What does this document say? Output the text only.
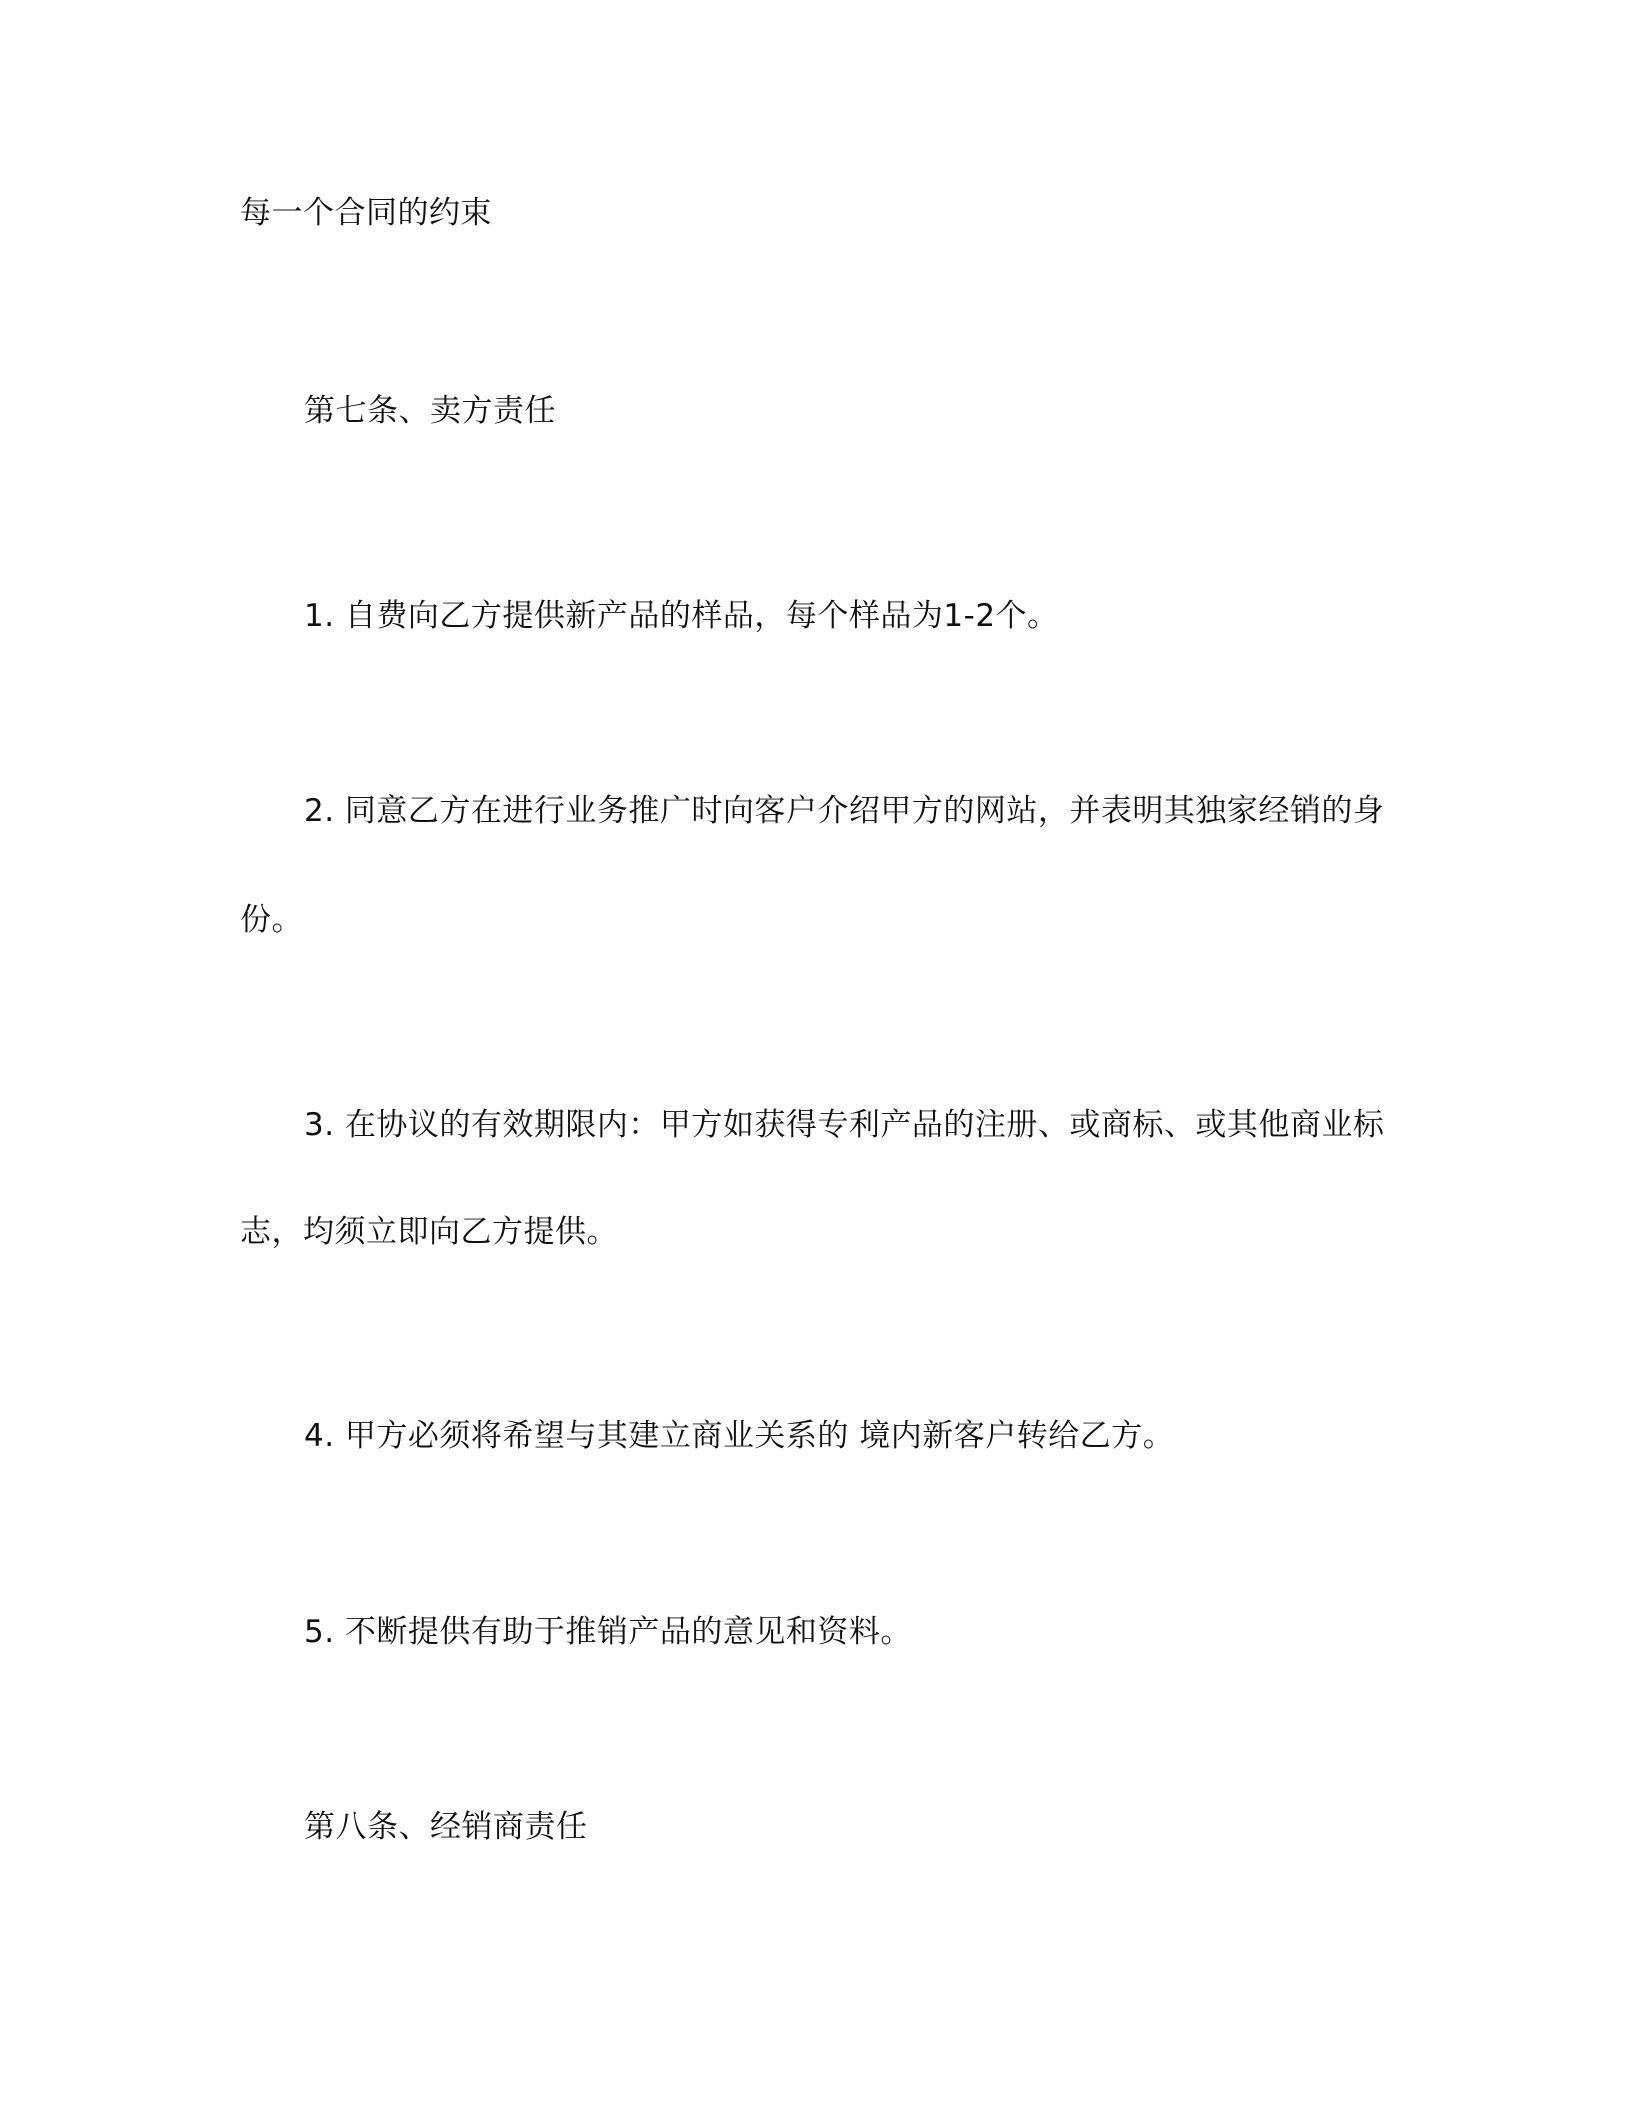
每一个合同的约束
第七条、卖方责任
1. 自费向乙方提供新产品的样品，每个样品为1-2个。
2. 同意乙方在进行业务推广时向客户介绍甲方的网站，并表明其独家经销的身
份。
3. 在协议的有效期限内：甲方如获得专利产品的注册、或商标、或其他商业标
志，均须立即向乙方提供。
4. 甲方必须将希望与其建立商业关系的 境内新客户转给乙方。
5. 不断提供有助于推销产品的意见和资料。
第八条、经销商责任
